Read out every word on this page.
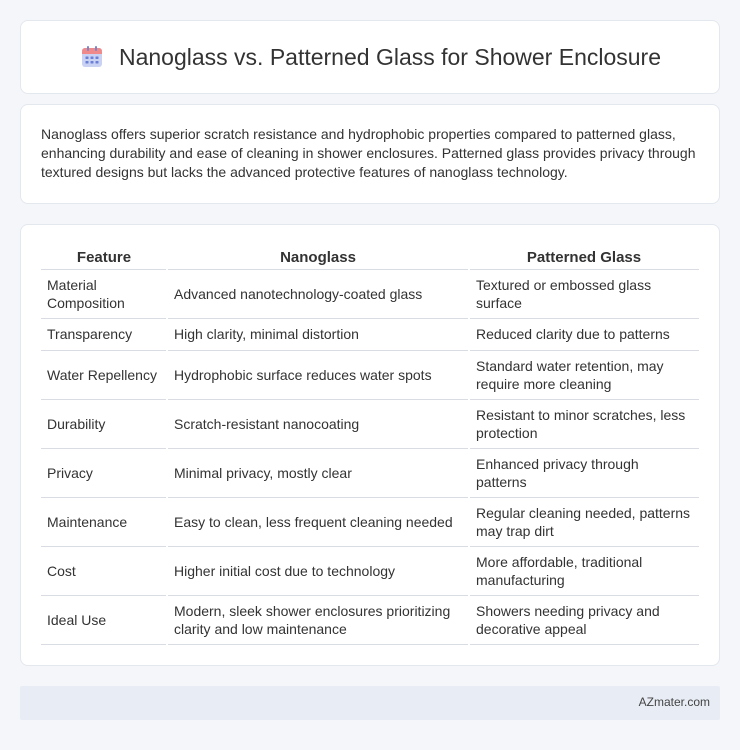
Nanoglass vs. Patterned Glass for Shower Enclosure

Nanoglass offers superior scratch resistance and hydrophobic properties compared to patterned glass, enhancing durability and ease of cleaning in shower enclosures. Patterned glass provides privacy through textured designs but lacks the advanced protective features of nanoglass technology.

Feature	Nanoglass	Patterned Glass
Material Composition	Advanced nanotechnology-coated glass	Textured or embossed glass surface
Transparency	High clarity, minimal distortion	Reduced clarity due to patterns
Water Repellency	Hydrophobic surface reduces water spots	Standard water retention, may require more cleaning
Durability	Scratch-resistant nanocoating	Resistant to minor scratches, less protection
Privacy	Minimal privacy, mostly clear	Enhanced privacy through patterns
Maintenance	Easy to clean, less frequent cleaning needed	Regular cleaning needed, patterns may trap dirt
Cost	Higher initial cost due to technology	More affordable, traditional manufacturing
Ideal Use	Modern, sleek shower enclosures prioritizing clarity and low maintenance	Showers needing privacy and decorative appeal
AZmater.com
